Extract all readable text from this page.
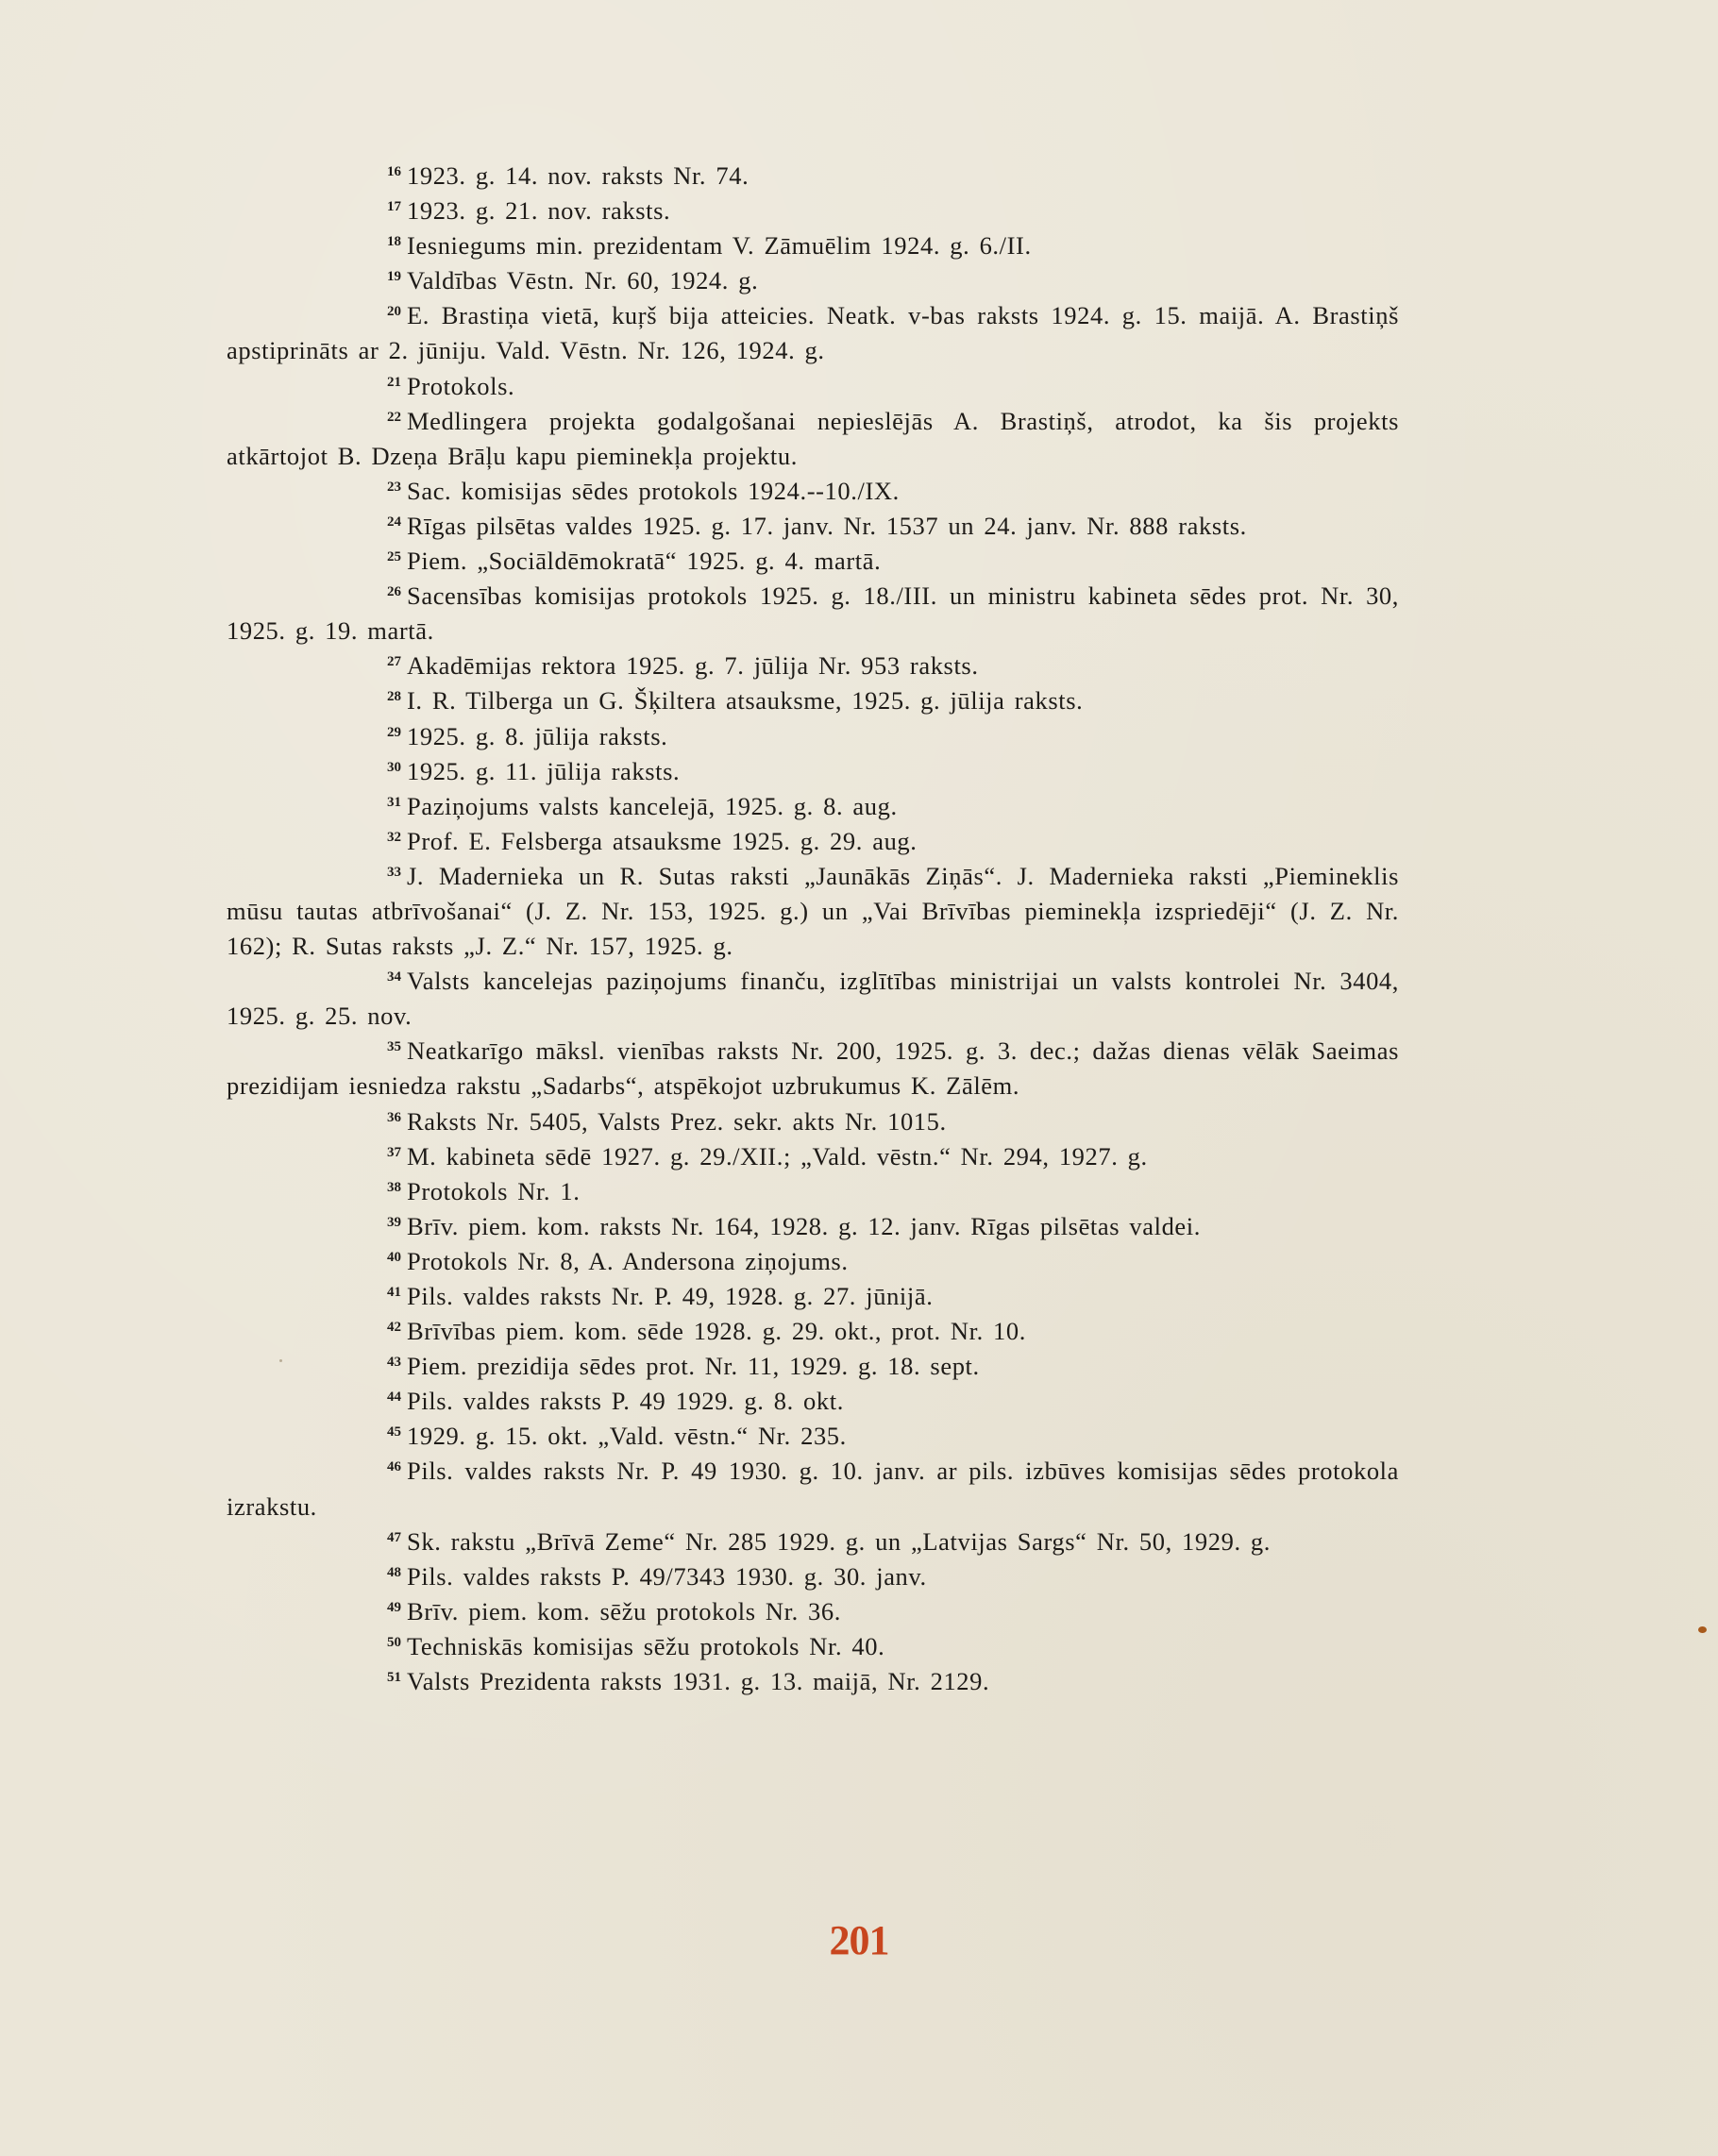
$^{16}$ 1923. g. 14. nov. raksts Nr. 74.

$^{17}$ 1923. g. 21. nov. raksts.

$^{18}$ Iesniegums min. prezidentam V. Zāmuēlim 1924. g. 6./II.

$^{19}$ Valdības Vēstn. Nr. 60, 1924. g.

$^{20}$ E. Brastiņa vietā, kuŗš bija atteicies. Neatk. v-bas raksts 1924. g. 15. maijā. A. Brastiņš apstiprināts ar 2. jūniju. Vald. Vēstn. Nr. 126, 1924. g.

$^{21}$ Protokols.

$^{22}$ Medlingera projekta godalgošanai nepieslējās A. Brastiņš, atrodot, ka šis projekts atkārtojot B. Dzeņa Brāļu kapu pieminekļa projektu.

$^{23}$ Sac. komisijas sēdes protokols 1924.--10./IX.

$^{24}$ Rīgas pilsētas valdes 1925. g. 17. janv. Nr. 1537 un 24. janv. Nr. 888 raksts.

$^{25}$ Piem. „Sociāldēmokratā“ 1925. g. 4. martā.

$^{26}$ Sacensības komisijas protokols 1925. g. 18./III. un ministru kabineta sēdes prot. Nr. 30, 1925. g. 19. martā.

$^{27}$ Akadēmijas rektora 1925. g. 7. jūlija Nr. 953 raksts.

$^{28}$ I. R. Tilberga un G. Šķiltera atsauksme, 1925. g. jūlija raksts.

$^{29}$ 1925. g. 8. jūlija raksts.

$^{30}$ 1925. g. 11. jūlija raksts.

$^{31}$ Paziņojums valsts kancelejā, 1925. g. 8. aug.

$^{32}$ Prof. E. Felsberga atsauksme 1925. g. 29. aug.

$^{33}$ J. Madernieka un R. Sutas raksti „Jaunākās Ziņās“. J. Madernieka raksti „Piemineklis mūsu tautas atbrīvošanai“ (J. Z. Nr. 153, 1925. g.) un „Vai Brīvības pieminekļa izspriedēji“ (J. Z. Nr. 162); R. Sutas raksts „J. Z.“ Nr. 157, 1925. g.

$^{34}$ Valsts kancelejas paziņojums finanču, izglītības ministrijai un valsts kontrolei Nr. 3404, 1925. g. 25. nov.

$^{35}$ Neatkarīgo māksl. vienības raksts Nr. 200, 1925. g. 3. dec.; dažas dienas vēlāk Saeimas prezidijam iesniedza rakstu „Sadarbs“, atspēkojot uzbrukumus K. Zālēm.

$^{36}$ Raksts Nr. 5405, Valsts Prez. sekr. akts Nr. 1015.

$^{37}$ M. kabineta sēdē 1927. g. 29./XII.; „Vald. vēstn.“ Nr. 294, 1927. g.

$^{38}$ Protokols Nr. 1.

$^{39}$ Brīv. piem. kom. raksts Nr. 164, 1928. g. 12. janv. Rīgas pilsētas valdei.

$^{40}$ Protokols Nr. 8, A. Andersona ziņojums.

$^{41}$ Pils. valdes raksts Nr. P. 49, 1928. g. 27. jūnijā.

$^{42}$ Brīvības piem. kom. sēde 1928. g. 29. okt., prot. Nr. 10.

$^{43}$ Piem. prezidija sēdes prot. Nr. 11, 1929. g. 18. sept.

$^{44}$ Pils. valdes raksts P. 49 1929. g. 8. okt.

$^{45}$ 1929. g. 15. okt. „Vald. vēstn.“ Nr. 235.

$^{46}$ Pils. valdes raksts Nr. P. 49 1930. g. 10. janv. ar pils. izbūves komisijas sēdes protokola izrakstu.

$^{47}$ Sk. rakstu „Brīvā Zeme“ Nr. 285 1929. g. un „Latvijas Sargs“ Nr. 50, 1929. g.

$^{48}$ Pils. valdes raksts P. 49/7343 1930. g. 30. janv.

$^{49}$ Brīv. piem. kom. sēžu protokols Nr. 36.

$^{50}$ Techniskās komisijas sēžu protokols Nr. 40.

$^{51}$ Valsts Prezidenta raksts 1931. g. 13. maijā, Nr. 2129.

201
